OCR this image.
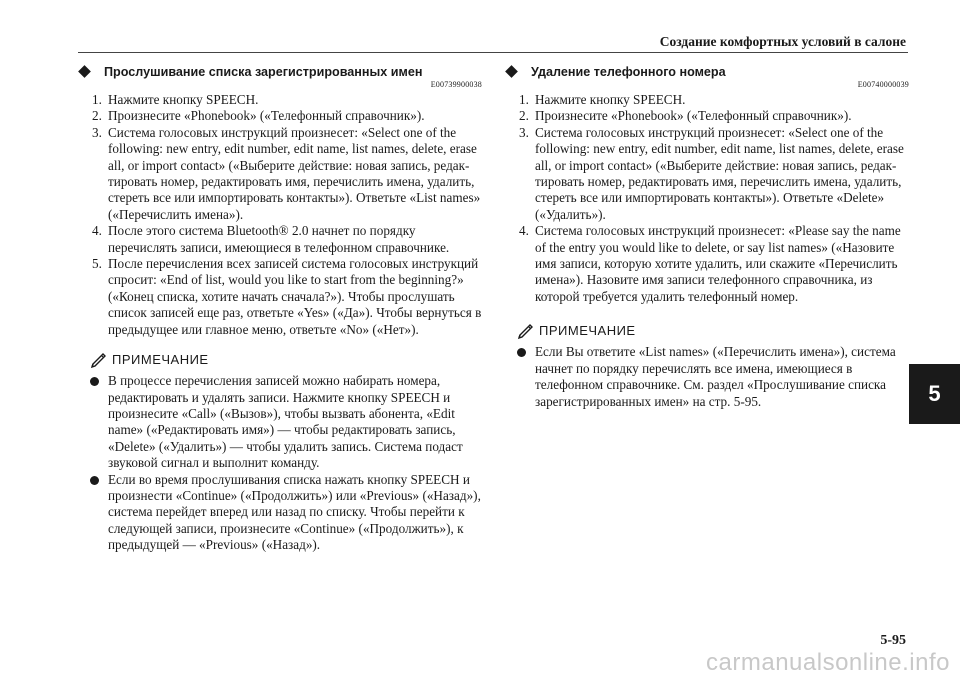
Создание комфортных условий в салоне
Прослушивание списка зарегистрированных имен
E00739900038
1. Нажмите кнопку SPEECH.
2. Произнесите «Phonebook» («Телефонный справочник»).
3. Система голосовых инструкций произнесет: «Select one of the following: new entry, edit number, edit name, list names, delete, erase all, or import contact» («Выберите действие: новая запись, редактировать номер, редактировать имя, перечислить имена, удалить, стереть все или импортировать контакты»). Ответьте «List names» («Перечислить имена»).
4. После этого система Bluetooth® 2.0 начнет по порядку перечислять записи, имеющиеся в телефонном справочнике.
5. После перечисления всех записей система голосовых инструкций спросит: «End of list, would you like to start from the beginning?» («Конец списка, хотите начать сначала?»). Чтобы прослушать список записей еще раз, ответьте «Yes» («Да»). Чтобы вернуться в предыдущее или главное меню, ответьте «No» («Нет»).
ПРИМЕЧАНИЕ
В процессе перечисления записей можно набирать номера, редактировать и удалять записи. Нажмите кнопку SPEECH и произнесите «Call» («Вызов»), чтобы вызвать абонента, «Edit name» («Редактировать имя») — чтобы редактировать запись, «Delete» («Удалить») — чтобы удалить запись. Система подаст звуковой сигнал и выполнит команду.
Если во время прослушивания списка нажать кнопку SPEECH и произнести «Continue» («Продолжить») или «Previous» («Назад»), система перейдет вперед или назад по списку. Чтобы перейти к следующей записи, произнесите «Continue» («Продолжить»), к предыдущей — «Previous» («Назад»).
Удаление телефонного номера
E00740000039
1. Нажмите кнопку SPEECH.
2. Произнесите «Phonebook» («Телефонный справочник»).
3. Система голосовых инструкций произнесет: «Select one of the following: new entry, edit number, edit name, list names, delete, erase all, or import contact» («Выберите действие: новая запись, редактировать номер, редактировать имя, перечислить имена, удалить, стереть все или импортировать контакты»). Ответьте «Delete» («Удалить»).
4. Система голосовых инструкций произнесет: «Please say the name of the entry you would like to delete, or say list names» («Назовите имя записи, которую хотите удалить, или скажите «Перечислить имена»). Назовите имя записи телефонного справочника, из которой требуется удалить телефонный номер.
ПРИМЕЧАНИЕ
Если Вы ответите «List names» («Перечислить имена»), система начнет по порядку перечислять все имена, имеющиеся в телефонном справочнике. См. раздел «Прослушивание списка зарегистрированных имен» на стр. 5-95.	5
5-95
carmanualsonline.info
